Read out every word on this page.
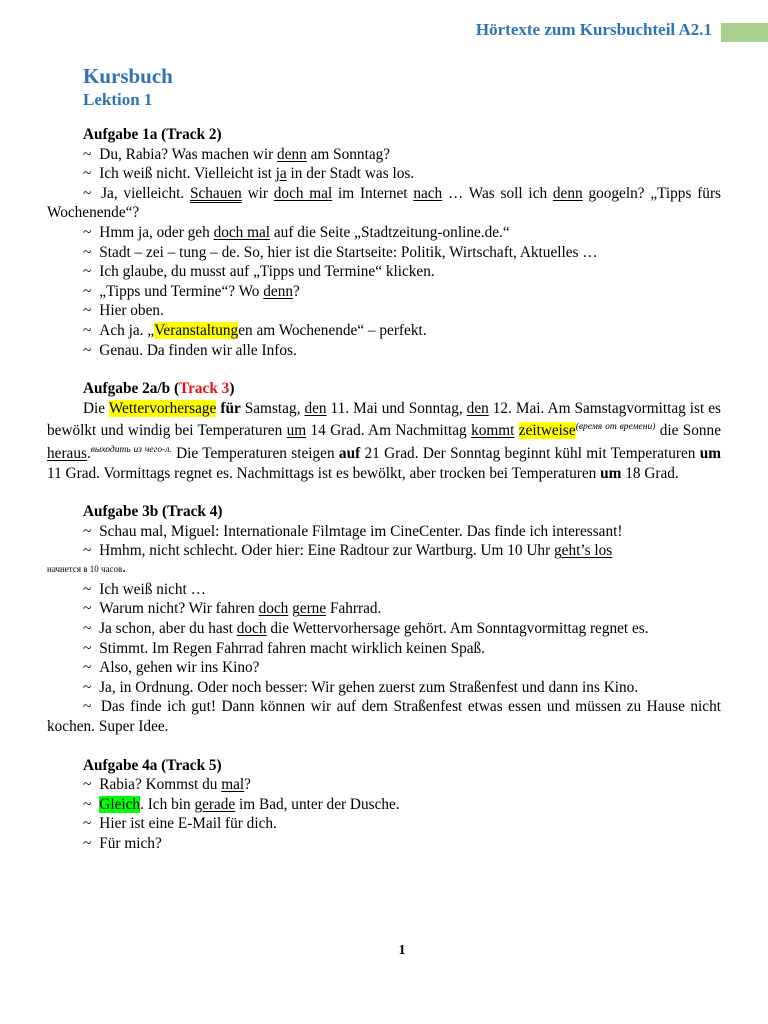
Hörtexte zum Kursbuchteil A2.1
Kursbuch
Lektion 1
Aufgabe 1a (Track 2)
~ Du, Rabia? Was machen wir denn am Sonntag?
~ Ich weiß nicht. Vielleicht ist ja in der Stadt was los.
~ Ja, vielleicht. Schauen wir doch mal im Internet nach … Was soll ich denn googeln? „Tipps fürs Wochenende“?
~ Hmm ja, oder geh doch mal auf die Seite „Stadtzeitung-online.de.“
~ Stadt – zei – tung – de. So, hier ist die Startseite: Politik, Wirtschaft, Aktuelles …
~ Ich glaube, du musst auf „Tipps und Termine“ klicken.
~ „Tipps und Termine“? Wo denn?
~ Hier oben.
~ Ach ja. „Veranstaltungen am Wochenende“ – perfekt.
~ Genau. Da finden wir alle Infos.
Aufgabe 2a/b (Track 3)
Die Wettervorhersage für Samstag, den 11. Mai und Sonntag, den 12. Mai. Am Samstagvormittag ist es bewölkt und windig bei Temperaturen um 14 Grad. Am Nachmittag kommt zeitweise$^{(время от времени)}$ die Sonne heraus.$^{выходить из чего-л.}$ Die Temperaturen steigen auf 21 Grad. Der Sonntag beginnt kühl mit Temperaturen um 11 Grad. Vormittags regnet es. Nachmittags ist es bewölkt, aber trocken bei Temperaturen um 18 Grad.
Aufgabe 3b (Track 4)
~ Schau mal, Miguel: Internationale Filmtage im CineCenter. Das finde ich interessant!
~ Hmhm, nicht schlecht. Oder hier: Eine Radtour zur Wartburg. Um 10 Uhr geht’s los
начнется в 10 часов.
~ Ich weiß nicht …
~ Warum nicht? Wir fahren doch gerne Fahrrad.
~ Ja schon, aber du hast doch die Wettervorhersage gehört. Am Sonntagvormittag regnet es.
~ Stimmt. Im Regen Fahrrad fahren macht wirklich keinen Spaß.
~ Also, gehen wir ins Kino?
~ Ja, in Ordnung. Oder noch besser: Wir gehen zuerst zum Straßenfest und dann ins Kino.
~ Das finde ich gut! Dann können wir auf dem Straßenfest etwas essen und müssen zu Hause nicht kochen. Super Idee.
Aufgabe 4a (Track 5)
~ Rabia? Kommst du mal?
~ Gleich. Ich bin gerade im Bad, unter der Dusche.
~ Hier ist eine E-Mail für dich.
~ Für mich?
1
